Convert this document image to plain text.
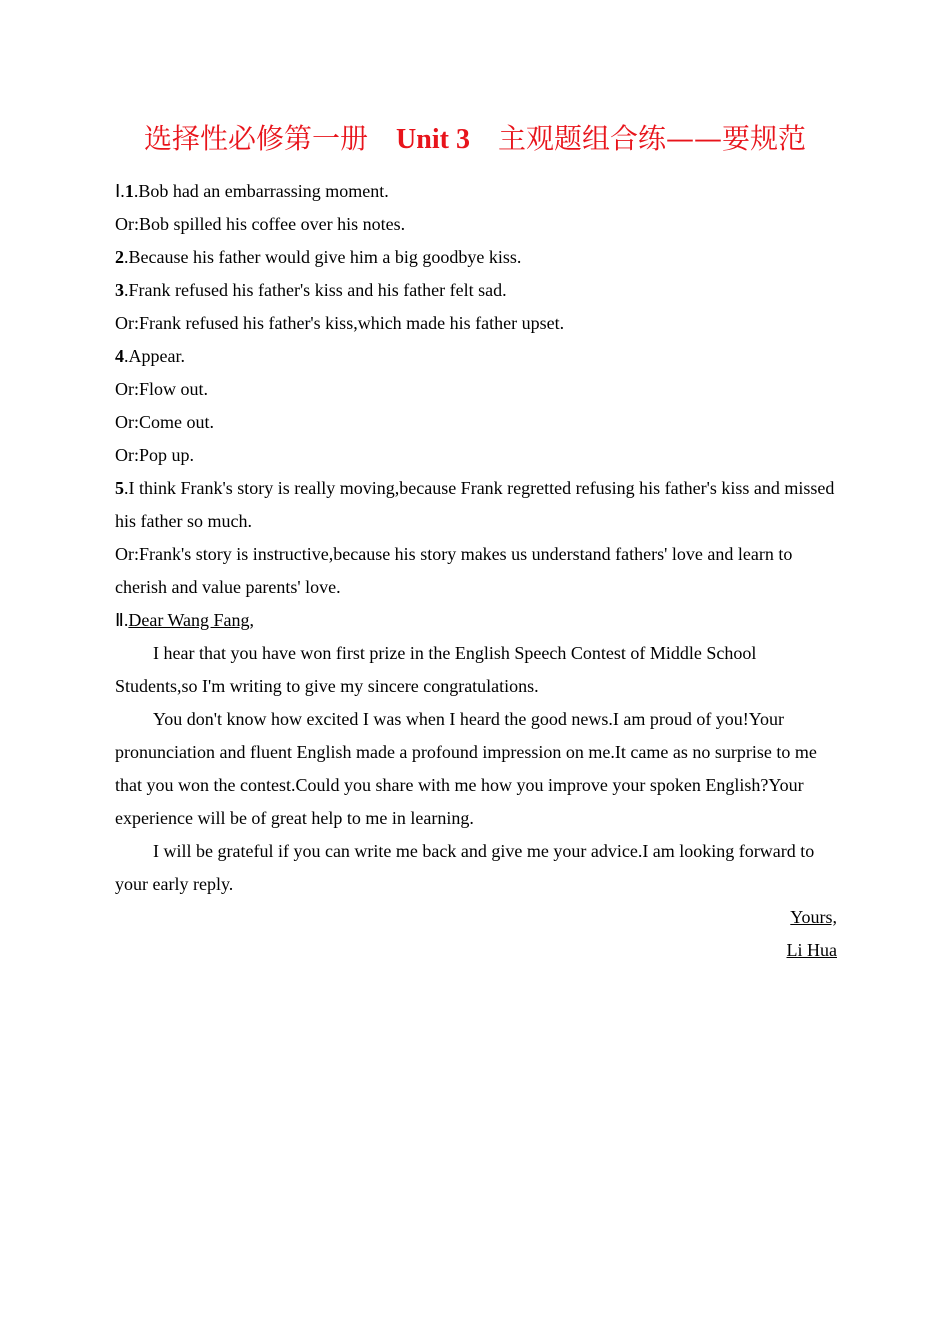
选择性必修第一册 Unit 3 主观题组合练——要规范

Ⅰ.1.Bob had an embarrassing moment.

Or:Bob spilled his coffee over his notes.

2.Because his father would give him a big goodbye kiss.

3.Frank refused his father's kiss and his father felt sad.

Or:Frank refused his father's kiss,which made his father upset.

4.Appear.

Or:Flow out.

Or:Come out.

Or:Pop up.

5.I think Frank's story is really moving,because Frank regretted refusing his father's kiss and missed his father so much.

Or:Frank's story is instructive,because his story makes us understand fathers' love and learn to cherish and value parents' love.

Ⅱ.Dear Wang Fang,

I hear that you have won first prize in the English Speech Contest of Middle School Students,so I'm writing to give my sincere congratulations.

You don't know how excited I was when I heard the good news.I am proud of you!Your pronunciation and fluent English made a profound impression on me.It came as no surprise to me that you won the contest.Could you share with me how you improve your spoken English?Your experience will be of great help to me in learning.

I will be grateful if you can write me back and give me your advice.I am looking forward to your early reply.

Yours,

Li Hua
